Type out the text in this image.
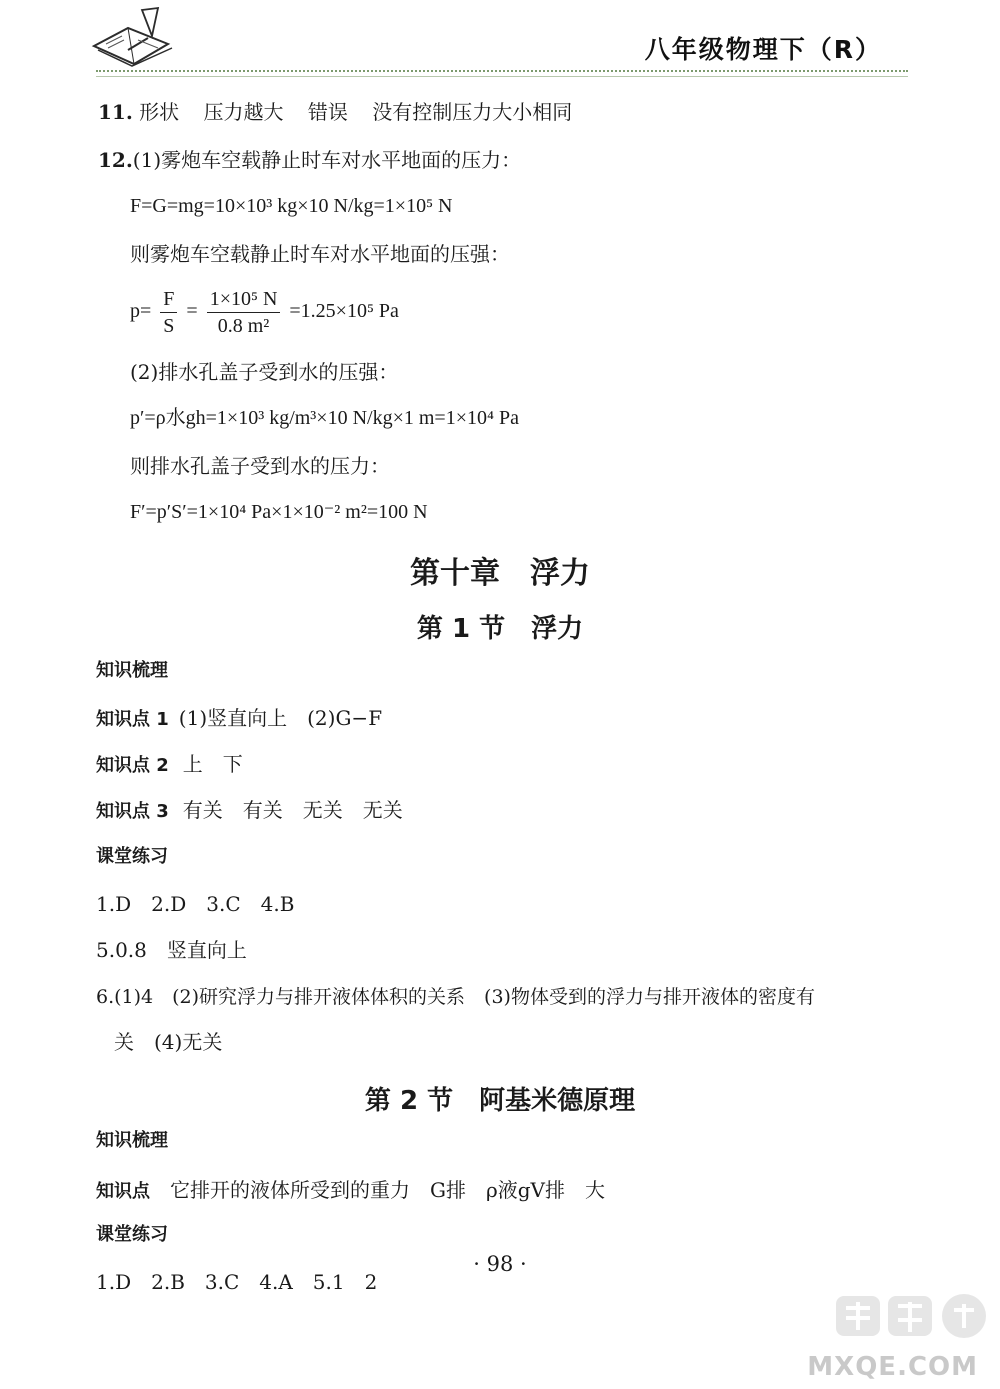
八年级物理下（R）
11. 形状 压力越大 错误 没有控制压力大小相同
12.(1)雾炮车空载静止时车对水平地面的压力：
F=G=mg=10×10³ kg×10 N/kg=1×10⁵ N
则雾炮车空载静止时车对水平地面的压强：
$p= \frac{F}{S} = \frac{\text{1×10⁵ N}}{\text{0.8 m²}} =1.25\times 10^5$ Pa
(2)排水孔盖子受到水的压强：
p′=ρ水gh=1×10³ kg/m³×10 N/kg×1 m=1×10⁴ Pa
则排水孔盖子受到水的压力：
F′=p′S′=1×10⁴ Pa×1×10⁻² m²=100 N
第十章　浮力
第 1 节　浮力
知识梳理
知识点 1 (1)竖直向上　(2)G−F
知识点 2 上　下
知识点 3 有关　有关　无关　无关
课堂练习
1.D　2.D　3.C　4.B
5.0.8　竖直向上
6.(1)4　(2)研究浮力与排开液体体积的关系　(3)物体受到的浮力与排开液体的密度有
关　(4)无关
第 2 节　阿基米德原理
知识梳理
知识点 它排开的液体所受到的重力　G排　ρ液gV排　大
课堂练习
1.D　2.B　3.C　4.A　5.1　2
· 98 ·
MXQE.COM
